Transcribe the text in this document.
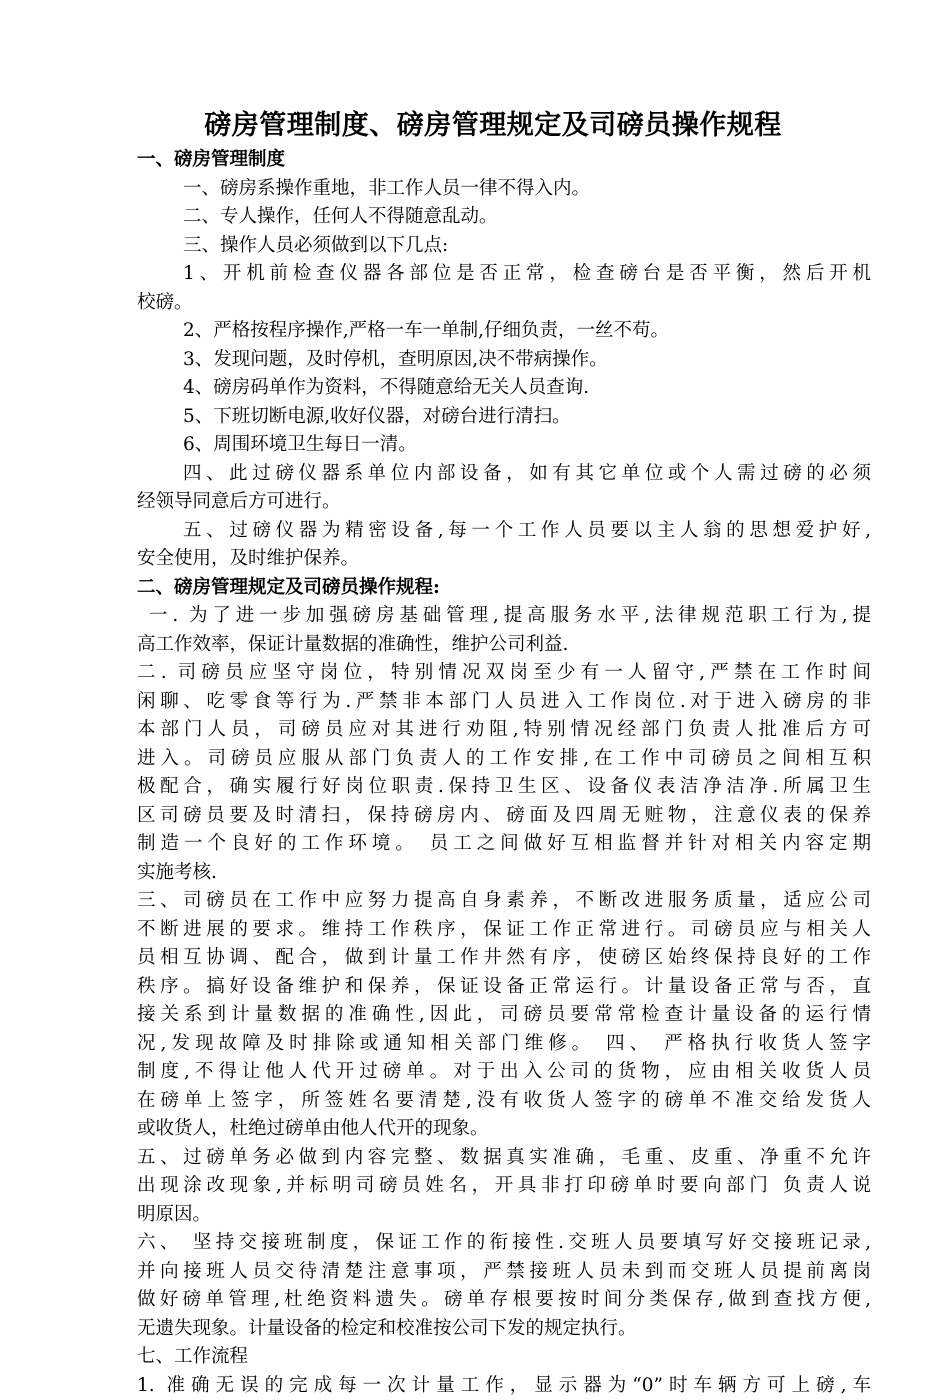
磅房管理制度、磅房管理规定及司磅员操作规程
一、磅房管理制度
一、磅房系操作重地，非工作人员一律不得入内。
二、专人操作，任何人不得随意乱动。
三、操作人员必须做到以下几点:
1、开机前检查仪器各部位是否正常，检查磅台是否平衡，然后开机
校磅。
2、严格按程序操作,严格一车一单制,仔细负责，一丝不苟。
3、发现问题，及时停机，查明原因,决不带病操作。
4、磅房码单作为资料，不得随意给无关人员查询.
5、下班切断电源,收好仪器，对磅台进行清扫。
6、周围环境卫生每日一清。
四、此过磅仪器系单位内部设备，如有其它单位或个人需过磅的必须
经领导同意后方可进行。
五、过磅仪器为精密设备,每一个工作人员要以主人翁的思想爱护好,
安全使用，及时维护保养。
二、磅房管理规定及司磅员操作规程:
一. 为了进一步加强磅房基础管理,提高服务水平,法律规范职工行为,提
高工作效率，保证计量数据的准确性，维护公司利益.
二. 司磅员应坚守岗位，特别情况双岗至少有一人留守,严禁在工作时间
闲聊、吃零食等行为.严禁非本部门人员进入工作岗位.对于进入磅房的非
本部门人员，司磅员应对其进行劝阻,特别情况经部门负责人批准后方可
进入。司磅员应服从部门负责人的工作安排,在工作中司磅员之间相互积
极配合，确实履行好岗位职责.保持卫生区、设备仪表洁净洁净.所属卫生
区司磅员要及时清扫，保持磅房内、磅面及四周无赃物，注意仪表的保养
制造一个良好的工作环境。 员工之间做好互相监督并针对相关内容定期
实施考核.
三、司磅员在工作中应努力提高自身素养，不断改进服务质量，适应公司
不断进展的要求。维持工作秩序，保证工作正常进行。司磅员应与相关人
员相互协调、配合，做到计量工作井然有序，使磅区始终保持良好的工作
秩序。搞好设备维护和保养，保证设备正常运行。计量设备正常与否，直
接关系到计量数据的准确性,因此，司磅员要常常检查计量设备的运行情
况,发现故障及时排除或通知相关部门维修。 四、 严格执行收货人签字
制度,不得让他人代开过磅单。对于出入公司的货物，应由相关收货人员
在磅单上签字，所签姓名要清楚,没有收货人签字的磅单不准交给发货人
或收货人，杜绝过磅单由他人代开的现象。
五、过磅单务必做到内容完整、数据真实准确，毛重、皮重、净重不允许
出现涂改现象,并标明司磅员姓名，开具非打印磅单时要向部门 负责人说
明原因。
六、 坚持交接班制度，保证工作的衔接性.交班人员要填写好交接班记录,
并向接班人员交待清楚注意事项，严禁接班人员未到而交班人员提前离岗
做好磅单管理,杜绝资料遗失。磅单存根要按时间分类保存,做到查找方便,
无遗失现象。计量设备的检定和校准按公司下发的规定执行。
七、工作流程
1. 准确无误的完成每一次计量工作，显示器为“0”时车辆方可上磅,车
